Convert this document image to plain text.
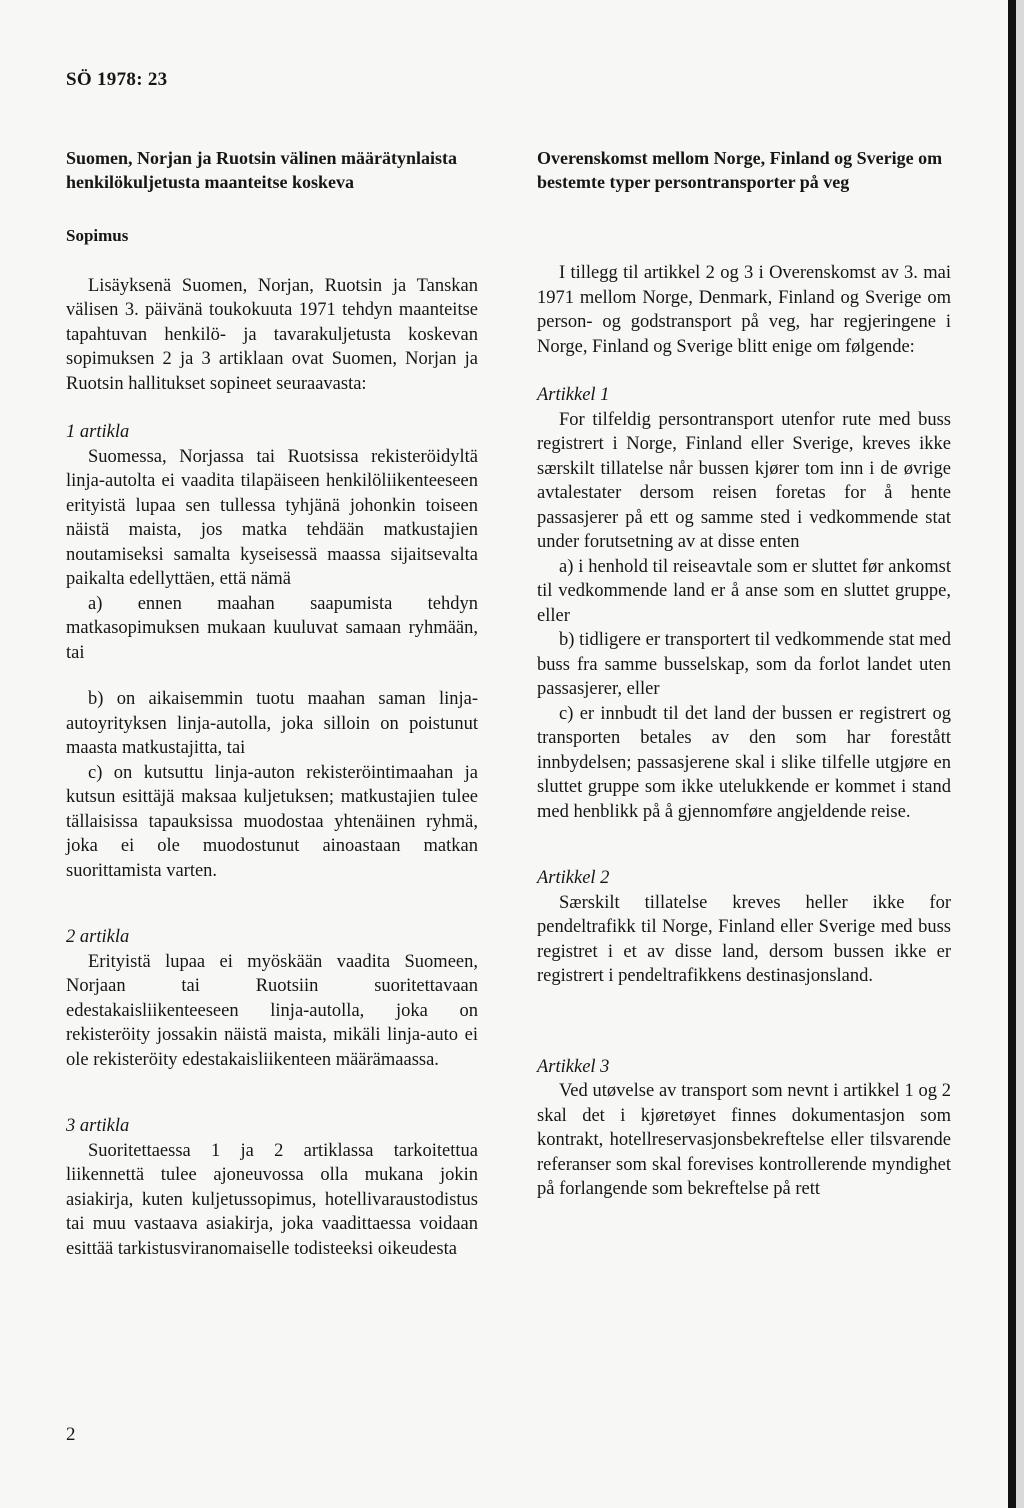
SÖ 1978: 23

Suomen, Norjan ja Ruotsin välinen määrätynlaista henkilökuljetusta maanteitse koskeva

Sopimus

Lisäyksenä Suomen, Norjan, Ruotsin ja Tanskan välisen 3. päivänä toukokuuta 1971 tehdyn maanteitse tapahtuvan henkilö- ja tavarakuljetusta koskevan sopimuksen 2 ja 3 artiklaan ovat Suomen, Norjan ja Ruotsin hallitukset sopineet seuraavasta:

1 artikla

Suomessa, Norjassa tai Ruotsissa rekisteröidyltä linja-autolta ei vaadita tilapäiseen henkilöliikenteeseen erityistä lupaa sen tullessa tyhjänä johonkin toiseen näistä maista, jos matka tehdään matkustajien noutamiseksi samalta kyseisessä maassa sijaitsevalta paikalta edellyttäen, että nämä

a) ennen maahan saapumista tehdyn matkasopimuksen mukaan kuuluvat samaan ryhmään, tai

b) on aikaisemmin tuotu maahan saman linja-autoyrityksen linja-autolla, joka silloin on poistunut maasta matkustajitta, tai

c) on kutsuttu linja-auton rekisteröintimaahan ja kutsun esittäjä maksaa kuljetuksen; matkustajien tulee tällaisissa tapauksissa muodostaa yhtenäinen ryhmä, joka ei ole muodostunut ainoastaan matkan suorittamista varten.

2 artikla

Erityistä lupaa ei myöskään vaadita Suomeen, Norjaan tai Ruotsiin suoritettavaan edestakaisliikenteeseen linja-autolla, joka on rekisteröity jossakin näistä maista, mikäli linja-auto ei ole rekisteröity edestakaisliikenteen määrämaassa.

3 artikla

Suoritettaessa 1 ja 2 artiklassa tarkoitettua liikennettä tulee ajoneuvossa olla mukana jokin asiakirja, kuten kuljetussopimus, hotellivaraustodistus tai muu vastaava asiakirja, joka vaadittaessa voidaan esittää tarkistusviranomaiselle todisteeksi oikeudesta

Overenskomst mellom Norge, Finland og Sverige om bestemte typer persontransporter på veg

I tillegg til artikkel 2 og 3 i Overenskomst av 3. mai 1971 mellom Norge, Denmark, Finland og Sverige om person- og godstransport på veg, har regjeringene i Norge, Finland og Sverige blitt enige om følgende:

Artikkel 1

For tilfeldig persontransport utenfor rute med buss registrert i Norge, Finland eller Sverige, kreves ikke særskilt tillatelse når bussen kjører tom inn i de øvrige avtalestater dersom reisen foretas for å hente passasjerer på ett og samme sted i vedkommende stat under forutsetning av at disse enten

a) i henhold til reiseavtale som er sluttet før ankomst til vedkommende land er å anse som en sluttet gruppe, eller

b) tidligere er transportert til vedkommende stat med buss fra samme busselskap, som da forlot landet uten passasjerer, eller

c) er innbudt til det land der bussen er registrert og transporten betales av den som har forestått innbydelsen; passasjerene skal i slike tilfelle utgjøre en sluttet gruppe som ikke utelukkende er kommet i stand med henblikk på å gjennomføre angjeldende reise.

Artikkel 2

Særskilt tillatelse kreves heller ikke for pendeltrafikk til Norge, Finland eller Sverige med buss registret i et av disse land, dersom bussen ikke er registrert i pendeltrafikkens destinasjonsland.

Artikkel 3

Ved utøvelse av transport som nevnt i artikkel 1 og 2 skal det i kjøretøyet finnes dokumentasjon som kontrakt, hotellreservasjonsbekreftelse eller tilsvarende referanser som skal forevises kontrollerende myndighet på forlangende som bekreftelse på rett

2
